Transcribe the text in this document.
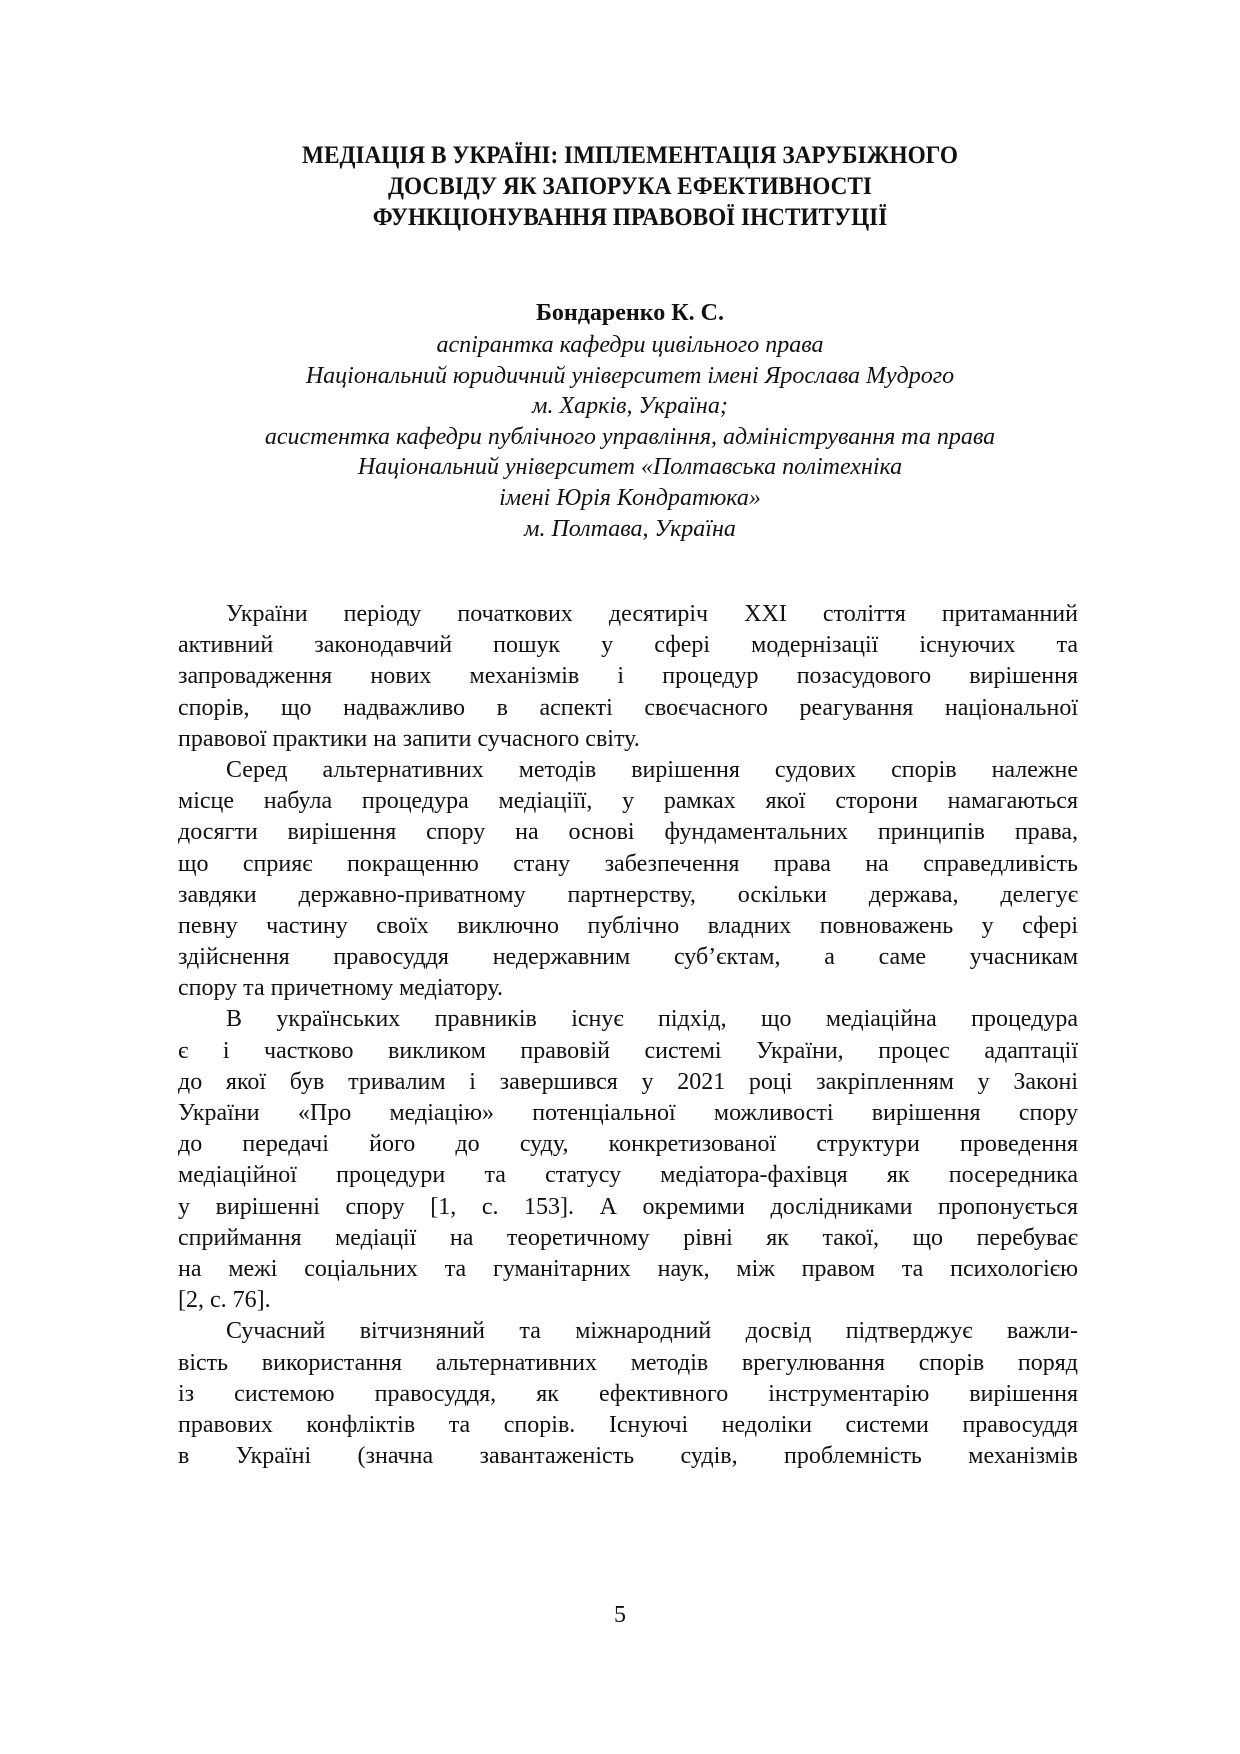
МЕДІАЦІЯ В УКРАЇНІ: ІМПЛЕМЕНТАЦІЯ ЗАРУБІЖНОГО
ДОСВІДУ ЯК ЗАПОРУКА ЕФЕКТИВНОСТІ
ФУНКЦІОНУВАННЯ ПРАВОВОЇ ІНСТИТУЦІЇ
Бондаренко К. С.
аспірантка кафедри цивільного права
Національний юридичний університет імені Ярослава Мудрого
м. Харків, Україна;
асистентка кафедри публічного управління, адміністрування та права
Національний університет «Полтавська політехніка
імені Юрія Кондратюка»
м. Полтава, Україна
України періоду початкових десятиріч XXI століття притаманний
активний законодавчий пошук у сфері модернізації існуючих та
запровадження нових механізмів і процедур позасудового вирішення
спорів, що надважливо в аспекті своєчасного реагування національної
правової практики на запити сучасного світу.
Серед альтернативних методів вирішення судових спорів належне
місце набула процедура медіаціїї, у рамках якої сторони намагаються
досягти вирішення спору на основі фундаментальних принципів права,
що сприяє покращенню стану забезпечення права на справедливість
завдяки державно-приватному партнерству, оскільки держава, делегує
певну частину своїх виключно публічно владних повноважень у сфері
здійснення правосуддя недержавним суб’єктам, а саме учасникам
спору та причетному медіатору.
В українських правників існує підхід, що медіаційна процедура
є і частково викликом правовій системі України, процес адаптації
до якої був тривалим і завершився у 2021 році закріпленням у Законі
України «Про медіацію» потенціальної можливості вирішення спору
до передачі його до суду, конкретизованої структури проведення
медіаційної процедури та статусу медіатора-фахівця як посередника
у вирішенні спору [1, с. 153]. А окремими дослідниками пропонується
сприймання медіації на теоретичному рівні як такої, що перебуває
на межі соціальних та гуманітарних наук, між правом та психологією
[2, с. 76].
Сучасний вітчизняний та міжнародний досвід підтверджує важли-
вість використання альтернативних методів врегулювання спорів поряд
із системою правосуддя, як ефективного інструментарію вирішення
правових конфліктів та спорів. Існуючі недоліки системи правосуддя
в Україні (значна завантаженість судів, проблемність механізмів
5
